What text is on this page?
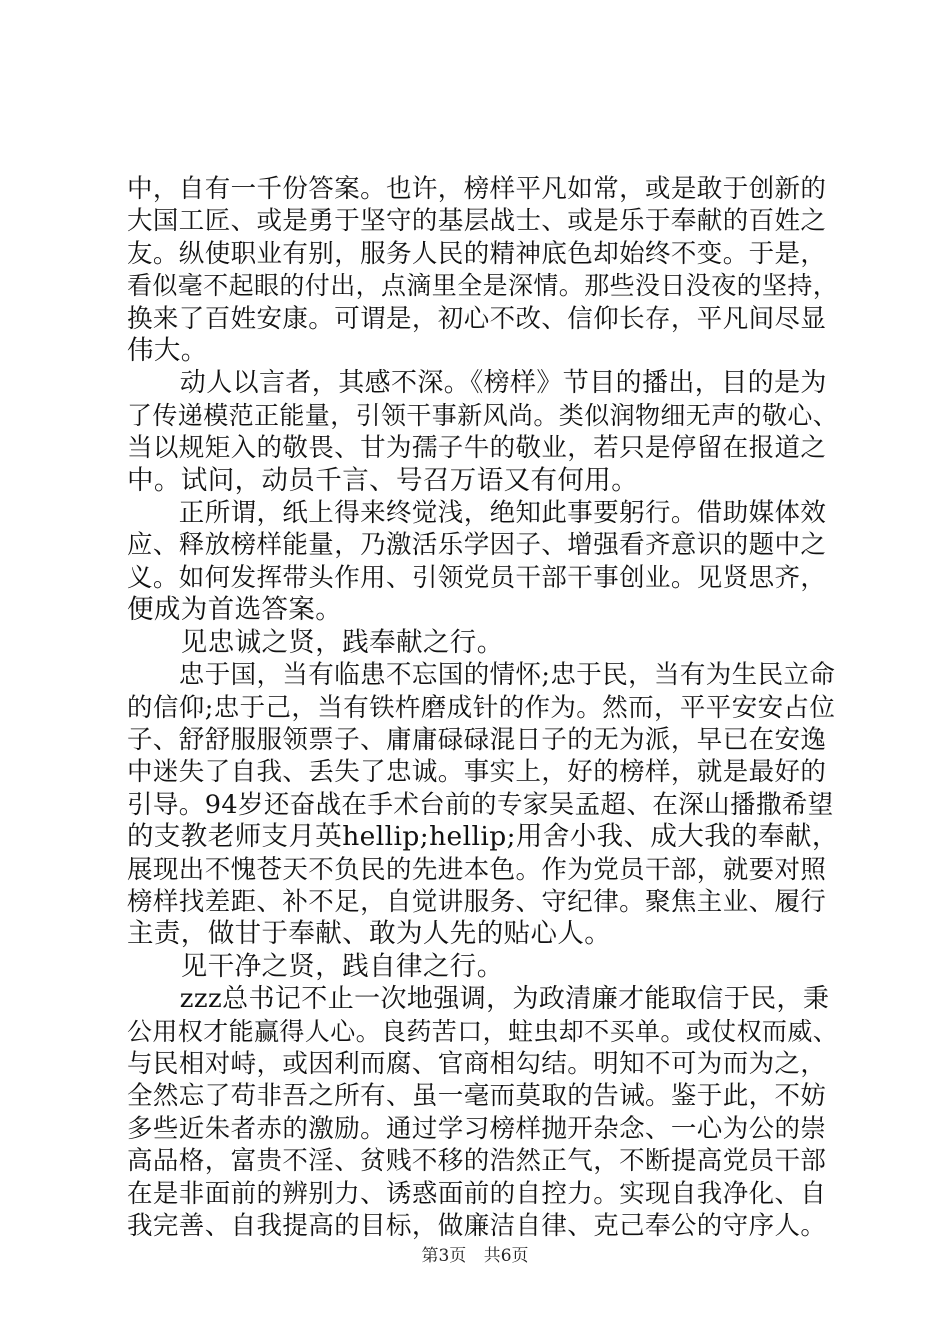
中，自有一千份答案。也许，榜样平凡如常，或是敢于创新的
大国工匠、或是勇于坚守的基层战士、或是乐于奉献的百姓之
友。纵使职业有别，服务人民的精神底色却始终不变。于是，
看似毫不起眼的付出，点滴里全是深情。那些没日没夜的坚持，
换来了百姓安康。可谓是，初心不改、信仰长存，平凡间尽显
伟大。
　　动人以言者，其感不深。《榜样》节目的播出，目的是为
了传递模范正能量，引领干事新风尚。类似润物细无声的敬心、
当以规矩入的敬畏、甘为孺子牛的敬业，若只是停留在报道之
中。试问，动员千言、号召万语又有何用。
　　正所谓，纸上得来终觉浅，绝知此事要躬行。借助媒体效
应、释放榜样能量，乃激活乐学因子、增强看齐意识的题中之
义。如何发挥带头作用、引领党员干部干事创业。见贤思齐，
便成为首选答案。
　　见忠诚之贤，践奉献之行。
　　忠于国，当有临患不忘国的情怀;忠于民，当有为生民立命
的信仰;忠于己，当有铁杵磨成针的作为。然而，平平安安占位
子、舒舒服服领票子、庸庸碌碌混日子的无为派，早已在安逸
中迷失了自我、丢失了忠诚。事实上，好的榜样，就是最好的
引导。94岁还奋战在手术台前的专家吴孟超、在深山播撒希望
的支教老师支月英hellip;hellip;用舍小我、成大我的奉献，
展现出不愧苍天不负民的先进本色。作为党员干部，就要对照
榜样找差距、补不足，自觉讲服务、守纪律。聚焦主业、履行
主责，做甘于奉献、敢为人先的贴心人。
　　见干净之贤，践自律之行。
　　zzz总书记不止一次地强调，为政清廉才能取信于民，秉
公用权才能赢得人心。良药苦口，蛀虫却不买单。或仗权而威、
与民相对峙，或因利而腐、官商相勾结。明知不可为而为之，
全然忘了苟非吾之所有、虽一毫而莫取的告诫。鉴于此，不妨
多些近朱者赤的激励。通过学习榜样抛开杂念、一心为公的崇
高品格，富贵不淫、贫贱不移的浩然正气，不断提高党员干部
在是非面前的辨别力、诱惑面前的自控力。实现自我净化、自
我完善、自我提高的目标，做廉洁自律、克己奉公的守序人。
第3页 共6页
